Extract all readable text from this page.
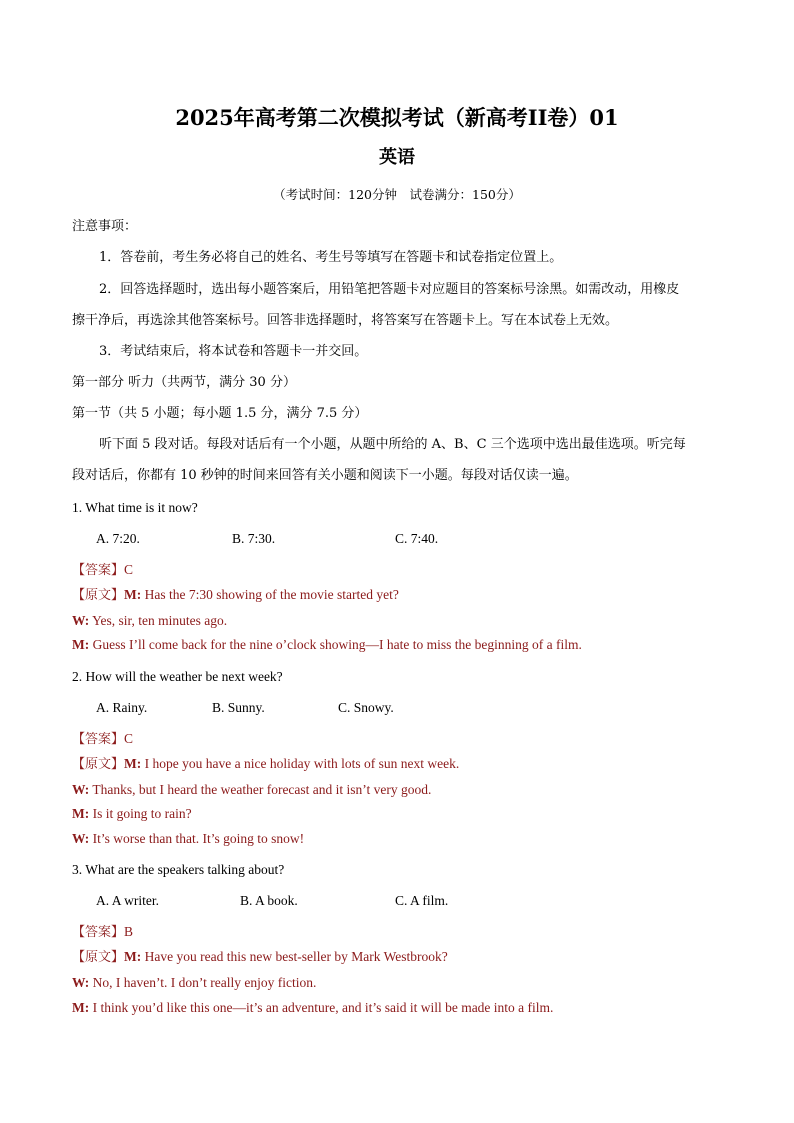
2025年高考第二次模拟考试（新高考II卷）01
英语
（考试时间：120分钟　试卷满分：150分）
注意事项：
1．答卷前，考生务必将自己的姓名、考生号等填写在答题卡和试卷指定位置上。
2．回答选择题时，选出每小题答案后，用铅笔把答题卡对应题目的答案标号涂黑。如需改动，用橡皮
擦干净后，再选涂其他答案标号。回答非选择题时，将答案写在答题卡上。写在本试卷上无效。
3．考试结束后，将本试卷和答题卡一并交回。
第一部分 听力（共两节，满分 30 分）
第一节（共 5 小题；每小题 1.5 分，满分 7.5 分）
听下面 5 段对话。每段对话后有一个小题，从题中所给的 A、B、C 三个选项中选出最佳选项。听完每
段对话后，你都有 10 秒钟的时间来回答有关小题和阅读下一小题。每段对话仅读一遍。
1. What time is it now?
A. 7:20.	B. 7:30.	C. 7:40.
【答案】C
【原文】M: Has the 7:30 showing of the movie started yet?
W: Yes, sir, ten minutes ago.
M: Guess I’ll come back for the nine o’clock showing—I hate to miss the beginning of a film.
2. How will the weather be next week?
A. Rainy.	B. Sunny.	C. Snowy.
【答案】C
【原文】M: I hope you have a nice holiday with lots of sun next week.
W: Thanks, but I heard the weather forecast and it isn’t very good.
M: Is it going to rain?
W: It’s worse than that. It’s going to snow!
3. What are the speakers talking about?
A. A writer.	B. A book.	C. A film.
【答案】B
【原文】M: Have you read this new best-seller by Mark Westbrook?
W: No, I haven’t. I don’t really enjoy fiction.
M: I think you’d like this one—it’s an adventure, and it’s said it will be made into a film.
